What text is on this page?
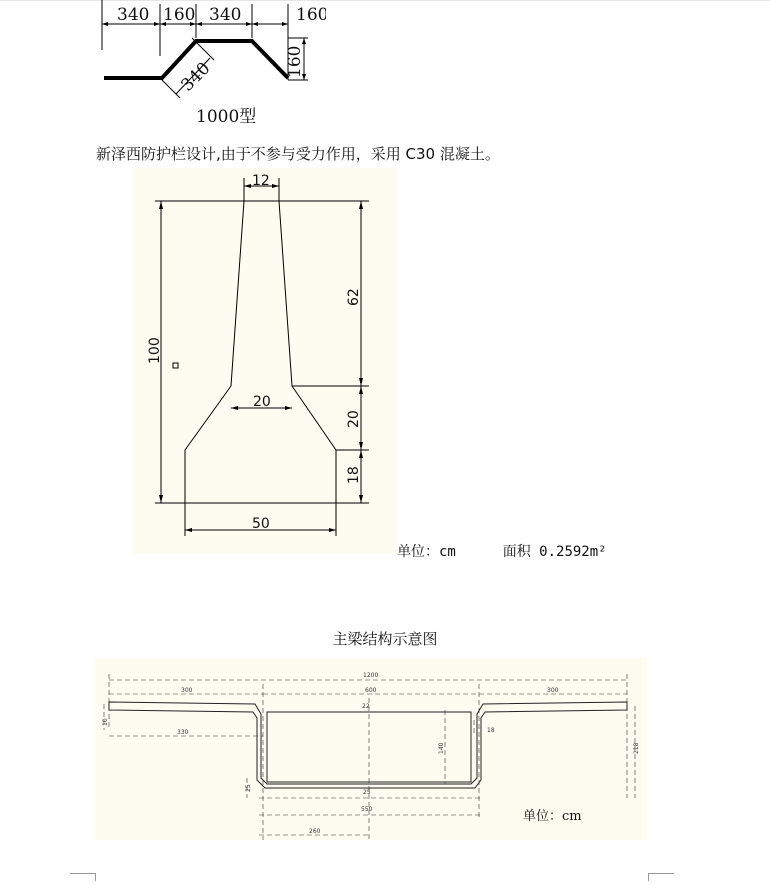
340 160 340	160
340	160
1000型
新泽西防护栏设计,由于不参与受力作用，采用 C30 混凝土。
12
100
62
20
20
18
50
单位：cm	面积 0.2592m²
主梁结构示意图
1200
300	600	300
22
10
330	18
140	218
25
25
550
260
单位：cm
